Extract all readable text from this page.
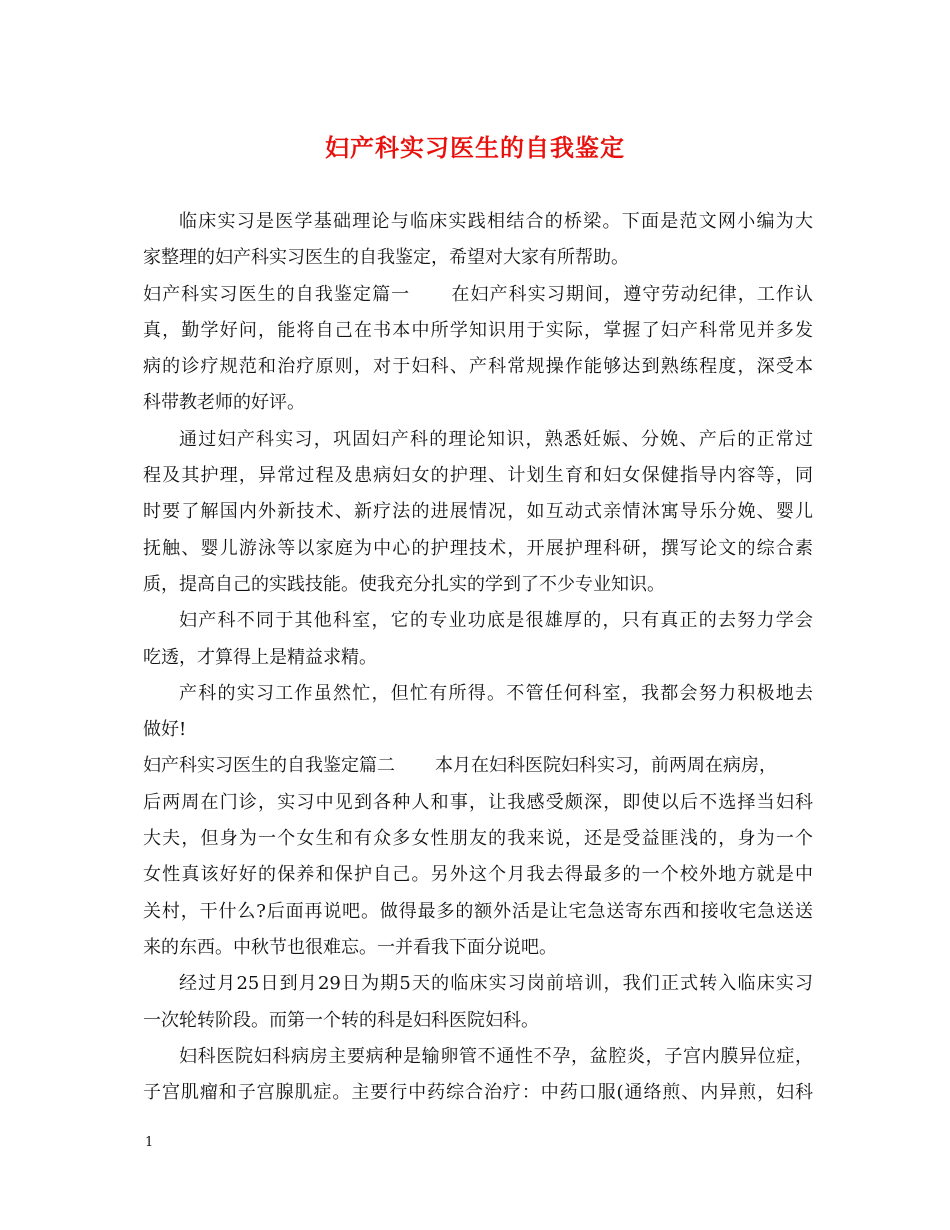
妇产科实习医生的自我鉴定
临床实习是医学基础理论与临床实践相结合的桥梁。下面是范文网小编为大
家整理的妇产科实习医生的自我鉴定，希望对大家有所帮助。
妇产科实习医生的自我鉴定篇一 在妇产科实习期间，遵守劳动纪律，工作认
真，勤学好问，能将自己在书本中所学知识用于实际，掌握了妇产科常见并多发
病的诊疗规范和治疗原则，对于妇科、产科常规操作能够达到熟练程度，深受本
科带教老师的好评。
通过妇产科实习，巩固妇产科的理论知识，熟悉妊娠、分娩、产后的正常过
程及其护理，异常过程及患病妇女的护理、计划生育和妇女保健指导内容等，同
时要了解国内外新技术、新疗法的进展情况，如互动式亲情沐寓导乐分娩、婴儿
抚触、婴儿游泳等以家庭为中心的护理技术，开展护理科研，撰写论文的综合素
质，提高自己的实践技能。使我充分扎实的学到了不少专业知识。
妇产科不同于其他科室，它的专业功底是很雄厚的，只有真正的去努力学会
吃透，才算得上是精益求精。
产科的实习工作虽然忙，但忙有所得。不管任何科室，我都会努力积极地去
做好!
妇产科实习医生的自我鉴定篇二 本月在妇科医院妇科实习，前两周在病房，
后两周在门诊，实习中见到各种人和事，让我感受颇深，即使以后不选择当妇科
大夫，但身为一个女生和有众多女性朋友的我来说，还是受益匪浅的，身为一个
女性真该好好的保养和保护自己。另外这个月我去得最多的一个校外地方就是中
关村，干什么?后面再说吧。做得最多的额外活是让宅急送寄东西和接收宅急送送
来的东西。中秋节也很难忘。一并看我下面分说吧。
经过月25日到月29日为期5天的临床实习岗前培训，我们正式转入临床实习
一次轮转阶段。而第一个转的科是妇科医院妇科。
妇科医院妇科病房主要病种是输卵管不通性不孕，盆腔炎，子宫内膜异位症，
子宫肌瘤和子宫腺肌症。主要行中药综合治疗：中药口服(通络煎、内异煎，妇科
1
